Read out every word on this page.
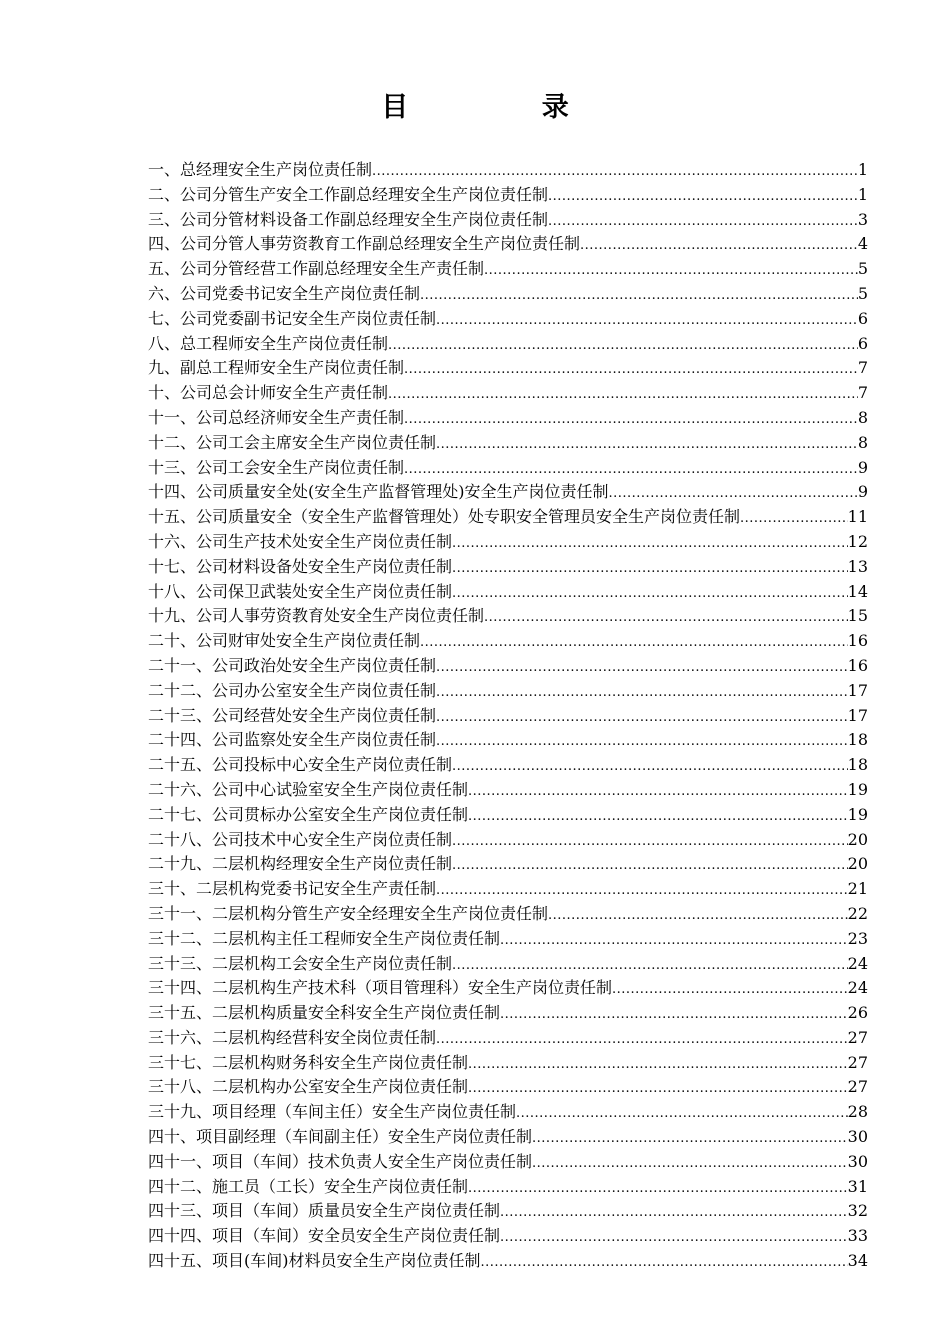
目 录
一、总经理安全生产岗位责任制 .....	1
二、公司分管生产安全工作副总经理安全生产岗位责任制 .....	1
三、公司分管材料设备工作副总经理安全生产岗位责任制 .....	3
四、公司分管人事劳资教育工作副总经理安全生产岗位责任制 .....	4
五、公司分管经营工作副总经理安全生产责任制 .....	5
六、公司党委书记安全生产岗位责任制 .....	5
七、公司党委副书记安全生产岗位责任制 .....	6
八、总工程师安全生产岗位责任制 .....	6
九、副总工程师安全生产岗位责任制 .....	7
十、公司总会计师安全生产责任制 .....	7
十一、公司总经济师安全生产责任制 .....	8
十二、公司工会主席安全生产岗位责任制 .....	8
十三、公司工会安全生产岗位责任制 .....	9
十四、公司质量安全处(安全生产监督管理处)安全生产岗位责任制 .....	9
十五、公司质量安全（安全生产监督管理处）处专职安全管理员安全生产岗位责任制 .....	11
十六、公司生产技术处安全生产岗位责任制 .....	12
十七、公司材料设备处安全生产岗位责任制 .....	13
十八、公司保卫武装处安全生产岗位责任制 .....	14
十九、公司人事劳资教育处安全生产岗位责任制 .....	15
二十、公司财审处安全生产岗位责任制 .....	16
二十一、公司政治处安全生产岗位责任制 .....	16
二十二、公司办公室安全生产岗位责任制 .....	17
二十三、公司经营处安全生产岗位责任制 .....	17
二十四、公司监察处安全生产岗位责任制 .....	18
二十五、公司投标中心安全生产岗位责任制 .....	18
二十六、公司中心试验室安全生产岗位责任制 .....	19
二十七、公司贯标办公室安全生产岗位责任制 .....	19
二十八、公司技术中心安全生产岗位责任制 .....	20
二十九、二层机构经理安全生产岗位责任制 .....	20
三十、二层机构党委书记安全生产责任制 .....	21
三十一、二层机构分管生产安全经理安全生产岗位责任制 .....	22
三十二、二层机构主任工程师安全生产岗位责任制 .....	23
三十三、二层机构工会安全生产岗位责任制 .....	24
三十四、二层机构生产技术科（项目管理科）安全生产岗位责任制 .....	24
三十五、二层机构质量安全科安全生产岗位责任制 .....	26
三十六、二层机构经营科安全岗位责任制 .....	27
三十七、二层机构财务科安全生产岗位责任制 .....	27
三十八、二层机构办公室安全生产岗位责任制 .....	27
三十九、项目经理（车间主任）安全生产岗位责任制 .....	28
四十、项目副经理（车间副主任）安全生产岗位责任制 .....	30
四十一、项目（车间）技术负责人安全生产岗位责任制 .....	30
四十二、施工员（工长）安全生产岗位责任制 .....	31
四十三、项目（车间）质量员安全生产岗位责任制 .....	32
四十四、项目（车间）安全员安全生产岗位责任制 .....	33
四十五、项目(车间)材料员安全生产岗位责任制 .....	34
